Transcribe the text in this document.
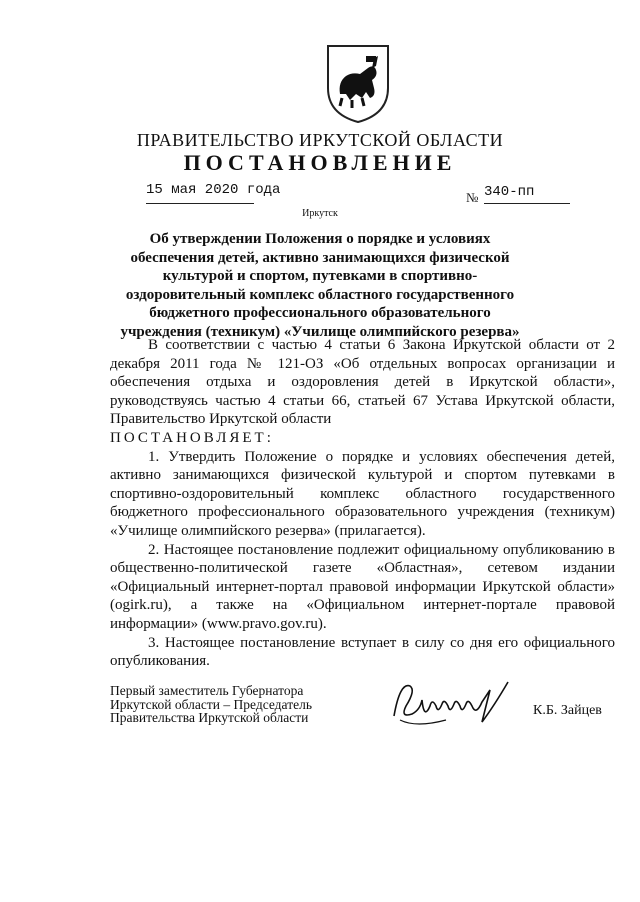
ПРАВИТЕЛЬСТВО ИРКУТСКОЙ ОБЛАСТИ
ПОСТАНОВЛЕНИЕ
15 мая 2020 года	№ 340-пп
Иркутск
Об утверждении Положения о порядке и условиях обеспечения детей, активно занимающихся физической культурой и спортом, путевками в спортивно-оздоровительный комплекс областного государственного бюджетного профессионального образовательного учреждения (техникум) «Училище олимпийского резерва»

В соответствии с частью 4 статьи 6 Закона Иркутской области от 2 декабря 2011 года № 121-ОЗ «Об отдельных вопросах организации и обеспечения отдыха и оздоровления детей в Иркутской области», руководствуясь частью 4 статьи 66, статьей 67 Устава Иркутской области, Правительство Иркутской области

ПОСТАНОВЛЯЕТ:

1. Утвердить Положение о порядке и условиях обеспечения детей, активно занимающихся физической культурой и спортом путевками в спортивно-оздоровительный комплекс областного государственного бюджетного профессионального образовательного учреждения (техникум) «Училище олимпийского резерва» (прилагается).

2. Настоящее постановление подлежит официальному опубликованию в общественно-политической газете «Областная», сетевом издании «Официальный интернет-портал правовой информации Иркутской области» (ogirk.ru), а также на «Официальном интернет-портале правовой информации» (www.pravo.gov.ru).

3. Настоящее постановление вступает в силу со дня его официального опубликования.

Первый заместитель Губернатора
Иркутской области – Председатель
Правительства Иркутской области	К.Б. Зайцев
